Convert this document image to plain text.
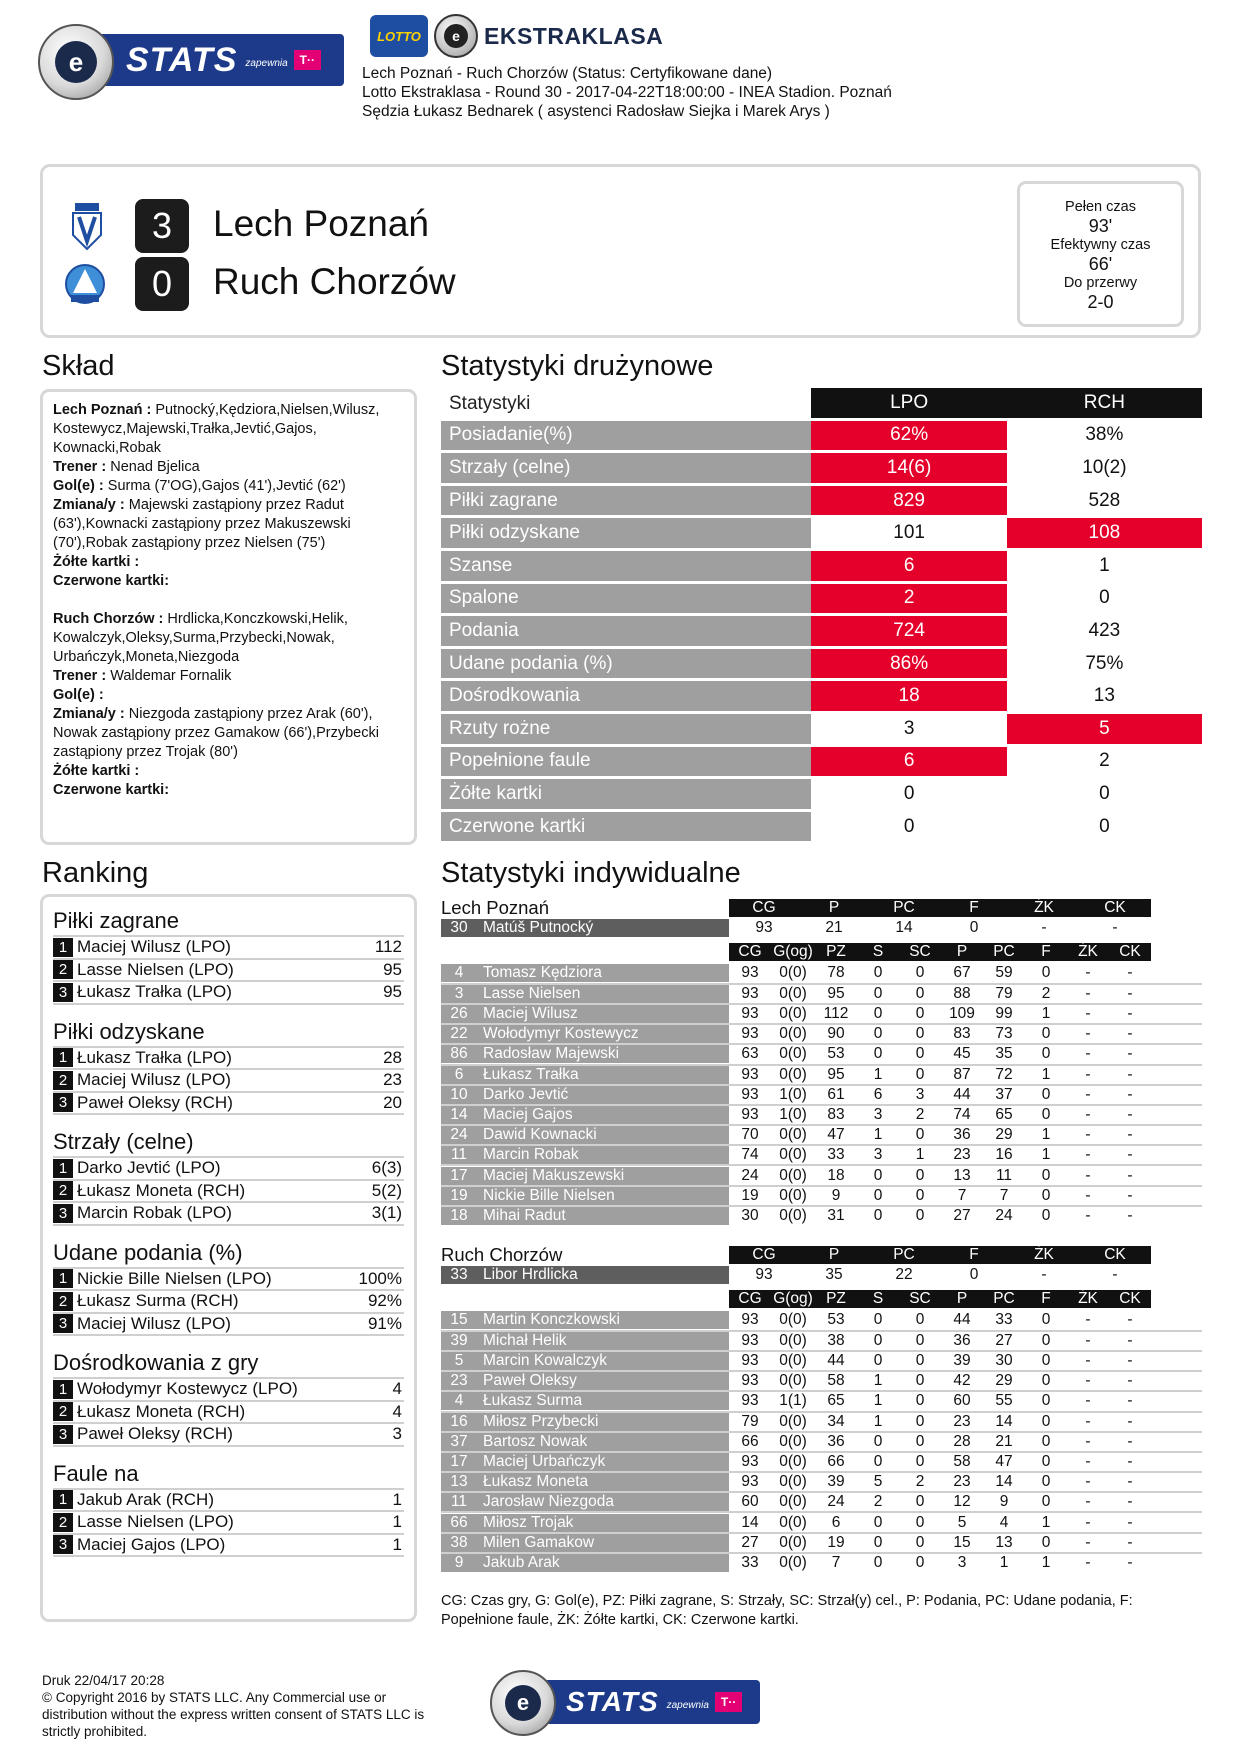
STATS zapewnia	T··
e
LOTTO	e	EKSTRAKLASA
Lech Poznań - Ruch Chorzów (Status: Certyfikowane dane)
Lotto Ekstraklasa - Round 30 - 2017-04-22T18:00:00 - INEA Stadion. Poznań
Sędzia Łukasz Bednarek ( asystenci Radosław Siejka i Marek Arys )
3
0
Lech Poznań
Ruch Chorzów
Pełen czas
93'
Efektywny czas
66'
Do przerwy
2-0
Skład
Lech Poznań : Putnocký,Kędziora,Nielsen,Wilusz, Kostewycz,Majewski,Trałka,Jevtić,Gajos, Kownacki,Robak
Trener : Nenad Bjelica
Gol(e) : Surma (7'OG),Gajos (41'),Jevtić (62')
Zmiana/y : Majewski zastąpiony przez Radut (63'),Kownacki zastąpiony przez Makuszewski (70'),Robak zastąpiony przez Nielsen (75')
Żółte kartki :
Czerwone kartki:
Ruch Chorzów : Hrdlicka,Konczkowski,Helik, Kowalczyk,Oleksy,Surma,Przybecki,Nowak, Urbańczyk,Moneta,Niezgoda
Trener : Waldemar Fornalik
Gol(e) :
Zmiana/y : Niezgoda zastąpiony przez Arak (60'), Nowak zastąpiony przez Gamakow (66'),Przybecki zastąpiony przez Trojak (80')
Żółte kartki :
Czerwone kartki:
Statystyki drużynowe
Statystyki	LPO	RCH
Posiadanie(%)	62%	38%
Strzały (celne)	14(6)	10(2)
Piłki zagrane	829	528
Piłki odzyskane	101	108
Szanse	6	1
Spalone	2	0
Podania	724	423
Udane podania (%)	86%	75%
Dośrodkowania	18	13
Rzuty rożne	3	5
Popełnione faule	6	2
Żółte kartki	0	0
Czerwone kartki	0	0
Ranking
Piłki zagrane
1 Maciej Wilusz (LPO)	112
2 Lasse Nielsen (LPO)	95
3 Łukasz Trałka (LPO)	95
Piłki odzyskane
1 Łukasz Trałka (LPO)	28
2 Maciej Wilusz (LPO)	23
3 Paweł Oleksy (RCH)	20
Strzały (celne)
1 Darko Jevtić (LPO)	6(3)
2 Łukasz Moneta (RCH)	5(2)
3 Marcin Robak (LPO)	3(1)
Udane podania (%)
1 Nickie Bille Nielsen (LPO)	100%
2 Łukasz Surma (RCH)	92%
3 Maciej Wilusz (LPO)	91%
Dośrodkowania z gry
1 Wołodymyr Kostewycz (LPO)	4
2 Łukasz Moneta (RCH)	4
3 Paweł Oleksy (RCH)	3
Faule na
1 Jakub Arak (RCH)	1
2 Lasse Nielsen (LPO)	1
3 Maciej Gajos (LPO)	1
Statystyki indywidualne
Lech Poznań	CG	P	PC	F	ŻK	CK
30 Matúš Putnocký	93	21	14	0	-	-
CG G(og) PZ	S	SC	P	PC	F	ŻK	CK
4	Tomasz Kędziora	93	0(0)	78	0	0	67	59	0	-	-
3	Lasse Nielsen	93	0(0)	95	0	0	88	79	2	-	-
26 Maciej Wilusz	93	0(0)	112	0	0	109	99	1	-	-
22 Wołodymyr Kostewycz	93	0(0)	90	0	0	83	73	0	-	-
86 Radosław Majewski	63	0(0)	53	0	0	45	35	0	-	-
6	Łukasz Trałka	93	0(0)	95	1	0	87	72	1	-	-
10 Darko Jevtić	93	1(0)	61	6	3	44	37	0	-	-
14 Maciej Gajos	93	1(0)	83	3	2	74	65	0	-	-
24 Dawid Kownacki	70	0(0)	47	1	0	36	29	1	-	-
11	Marcin Robak	74	0(0)	33	3	1	23	16	1	-	-
17 Maciej Makuszewski	24	0(0)	18	0	0	13	11	0	-	-
19 Nickie Bille Nielsen	19	0(0)	9	0	0	7	7	0	-	-
18 Mihai Radut	30	0(0)	31	0	0	27	24	0	-	-
Ruch Chorzów	CG	P	PC	F	ŻK	CK
33 Libor Hrdlicka	93	35	22	0	-	-
CG G(og) PZ	S	SC	P	PC	F	ŻK	CK
15 Martin Konczkowski	93	0(0)	53	0	0	44	33	0	-	-
39 Michał Helik	93	0(0)	38	0	0	36	27	0	-	-
5	Marcin Kowalczyk	93	0(0)	44	0	0	39	30	0	-	-
23 Paweł Oleksy	93	0(0)	58	1	0	42	29	0	-	-
4	Łukasz Surma	93	1(1)	65	1	0	60	55	0	-	-
16 Miłosz Przybecki	79	0(0)	34	1	0	23	14	0	-	-
37 Bartosz Nowak	66	0(0)	36	0	0	28	21	0	-	-
17 Maciej Urbańczyk	93	0(0)	66	0	0	58	47	0	-	-
13 Łukasz Moneta	93	0(0)	39	5	2	23	14	0	-	-
11	Jarosław Niezgoda	60	0(0)	24	2	0	12	9	0	-	-
66 Miłosz Trojak	14	0(0)	6	0	0	5	4	1	-	-
38 Milen Gamakow	27	0(0)	19	0	0	15	13	0	-	-
9	Jakub Arak	33	0(0)	7	0	0	3	1	1	-	-
CG: Czas gry, G: Gol(e), PZ: Piłki zagrane, S: Strzały, SC: Strzał(y) cel., P: Podania, PC: Udane podania, F: Popełnione faule, ŻK: Żółte kartki, CK: Czerwone kartki.
Druk 22/04/17 20:28
© Copyright 2016 by STATS LLC. Any Commercial use or distribution without the express written consent of STATS LLC is strictly prohibited.
STATS zapewnia	T··
e
